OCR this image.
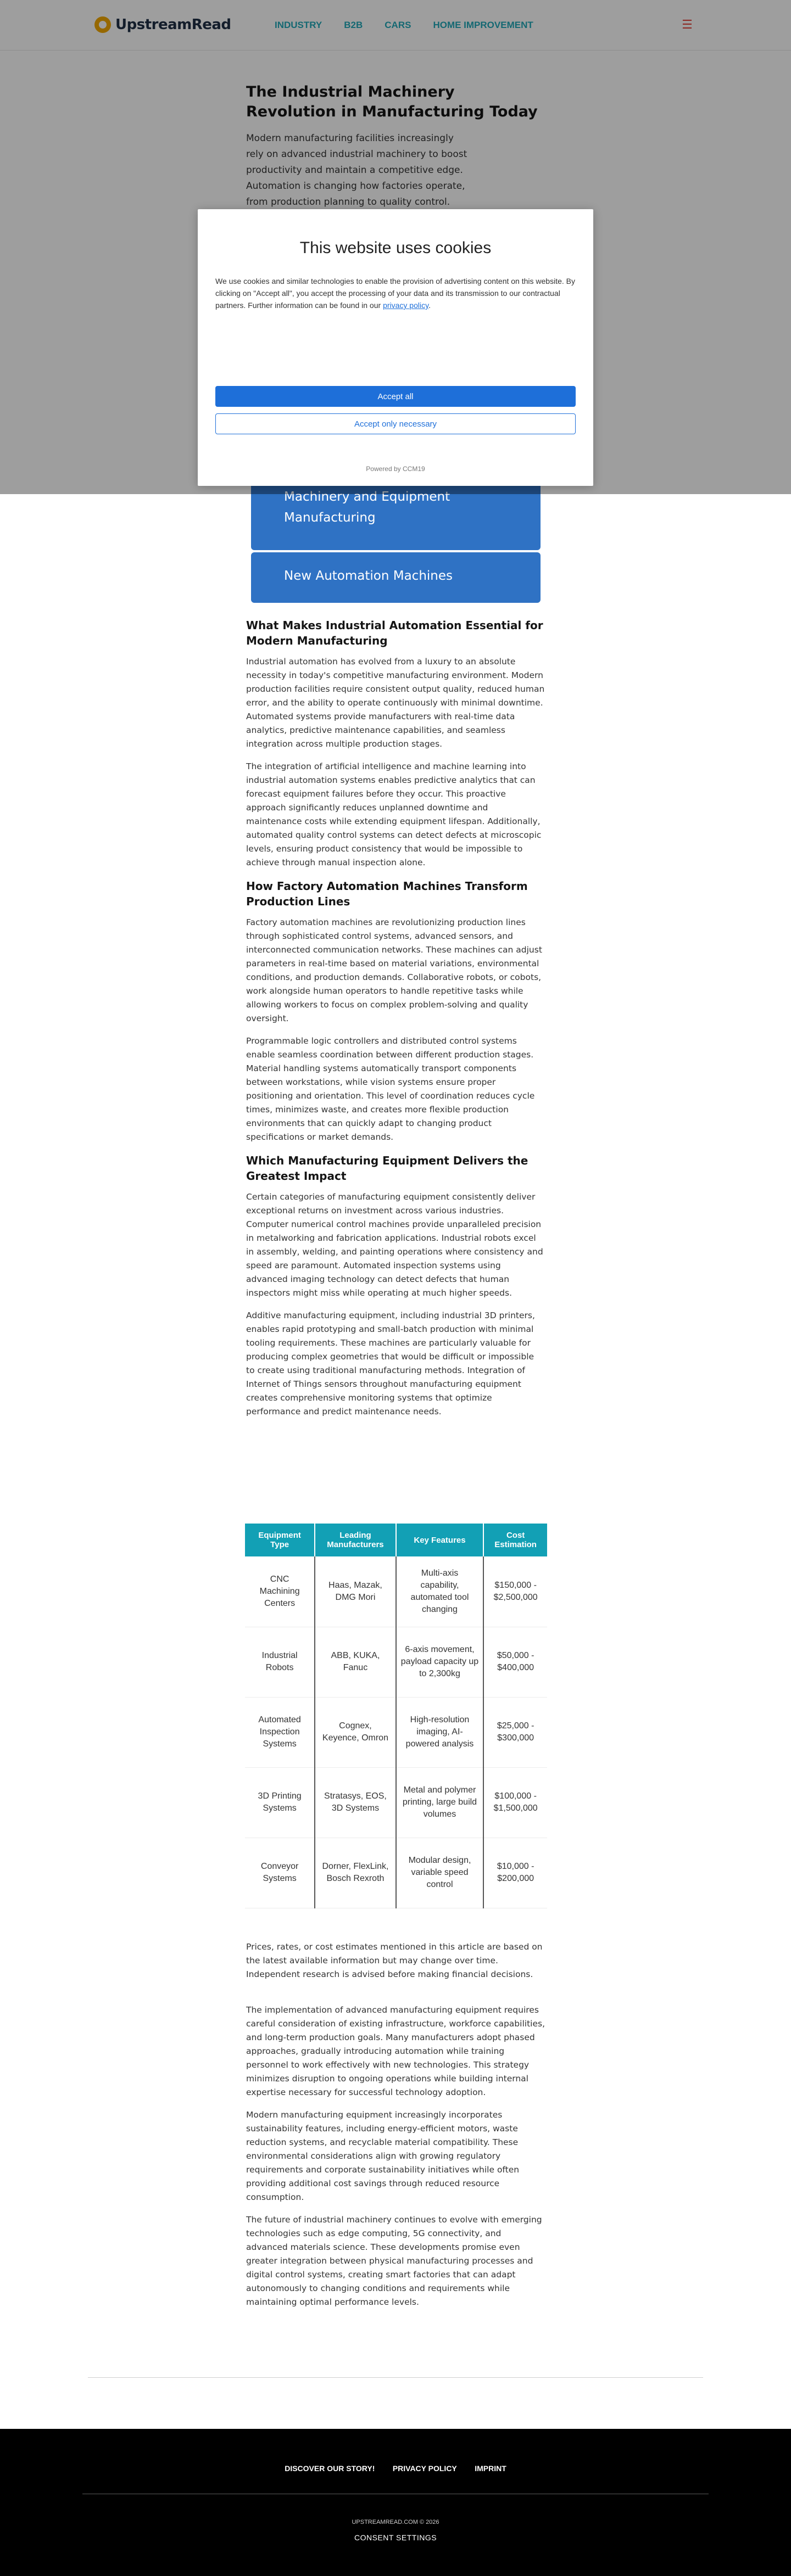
UpstreamRead	INDUSTRY B2B CARS HOME IMPROVEMENT	☰
The Industrial Machinery Revolution in Manufacturing Today

Modern manufacturing facilities increasingly

rely on advanced industrial machinery to boost

productivity and maintain a competitive edge.

Automation is changing how factories operate,

from production planning to quality control.

Machinery and Equipment Manufacturing
New Automation Machines
What Makes Industrial Automation Essential for Modern Manufacturing

Industrial automation has evolved from a luxury to an absolute necessity in today's competitive manufacturing environment. Modern production facilities require consistent output quality, reduced human error, and the ability to operate continuously with minimal downtime. Automated systems provide manufacturers with real-time data analytics, predictive maintenance capabilities, and seamless integration across multiple production stages.

The integration of artificial intelligence and machine learning into industrial automation systems enables predictive analytics that can forecast equipment failures before they occur. This proactive approach significantly reduces unplanned downtime and maintenance costs while extending equipment lifespan. Additionally, automated quality control systems can detect defects at microscopic levels, ensuring product consistency that would be impossible to achieve through manual inspection alone.

How Factory Automation Machines Transform Production Lines

Factory automation machines are revolutionizing production lines through sophisticated control systems, advanced sensors, and interconnected communication networks. These machines can adjust parameters in real-time based on material variations, environmental conditions, and production demands. Collaborative robots, or cobots, work alongside human operators to handle repetitive tasks while allowing workers to focus on complex problem-solving and quality oversight.

Programmable logic controllers and distributed control systems enable seamless coordination between different production stages. Material handling systems automatically transport components between workstations, while vision systems ensure proper positioning and orientation. This level of coordination reduces cycle times, minimizes waste, and creates more flexible production environments that can quickly adapt to changing product specifications or market demands.

Which Manufacturing Equipment Delivers the Greatest Impact

Certain categories of manufacturing equipment consistently deliver exceptional returns on investment across various industries. Computer numerical control machines provide unparalleled precision in metalworking and fabrication applications. Industrial robots excel in assembly, welding, and painting operations where consistency and speed are paramount. Automated inspection systems using advanced imaging technology can detect defects that human inspectors might miss while operating at much higher speeds.

Additive manufacturing equipment, including industrial 3D printers, enables rapid prototyping and small-batch production with minimal tooling requirements. These machines are particularly valuable for producing complex geometries that would be difficult or impossible to create using traditional manufacturing methods. Integration of Internet of Things sensors throughout manufacturing equipment creates comprehensive monitoring systems that optimize performance and predict maintenance needs.

Equipment Type	Leading Manufacturers	Key Features	Cost Estimation
CNC Machining Centers	Haas, Mazak, DMG Mori	Multi-axis capability, automated tool changing	$150,000 - $2,500,000
Industrial Robots	ABB, KUKA, Fanuc	6-axis movement, payload capacity up to 2,300kg	$50,000 - $400,000
Automated Inspection Systems	Cognex, Keyence, Omron	High-resolution imaging, AI-powered analysis	$25,000 - $300,000
3D Printing Systems	Stratasys, EOS, 3D Systems	Metal and polymer printing, large build volumes	$100,000 - $1,500,000
Conveyor Systems	Dorner, FlexLink, Bosch Rexroth	Modular design, variable speed control	$10,000 - $200,000

Prices, rates, or cost estimates mentioned in this article are based on the latest available information but may change over time. Independent research is advised before making financial decisions.

The implementation of advanced manufacturing equipment requires careful consideration of existing infrastructure, workforce capabilities, and long-term production goals. Many manufacturers adopt phased approaches, gradually introducing automation while training personnel to work effectively with new technologies. This strategy minimizes disruption to ongoing operations while building internal expertise necessary for successful technology adoption.

Modern manufacturing equipment increasingly incorporates sustainability features, including energy-efficient motors, waste reduction systems, and recyclable material compatibility. These environmental considerations align with growing regulatory requirements and corporate sustainability initiatives while often providing additional cost savings through reduced resource consumption.

The future of industrial machinery continues to evolve with emerging technologies such as edge computing, 5G connectivity, and advanced materials science. These developments promise even greater integration between physical manufacturing processes and digital control systems, creating smart factories that can adapt autonomously to changing conditions and requirements while maintaining optimal performance levels.

DISCOVER OUR STORY! PRIVACY POLICY IMPRINT
UPSTREAMREAD.COM © 2026
CONSENT SETTINGS
This website uses cookies
We use cookies and similar technologies to enable the provision of advertising content on this website. By clicking on "Accept all", you accept the processing of your data and its transmission to our contractual partners. Further information can be found in our privacy policy.
Accept all
Accept only necessary
Powered by CCM19
